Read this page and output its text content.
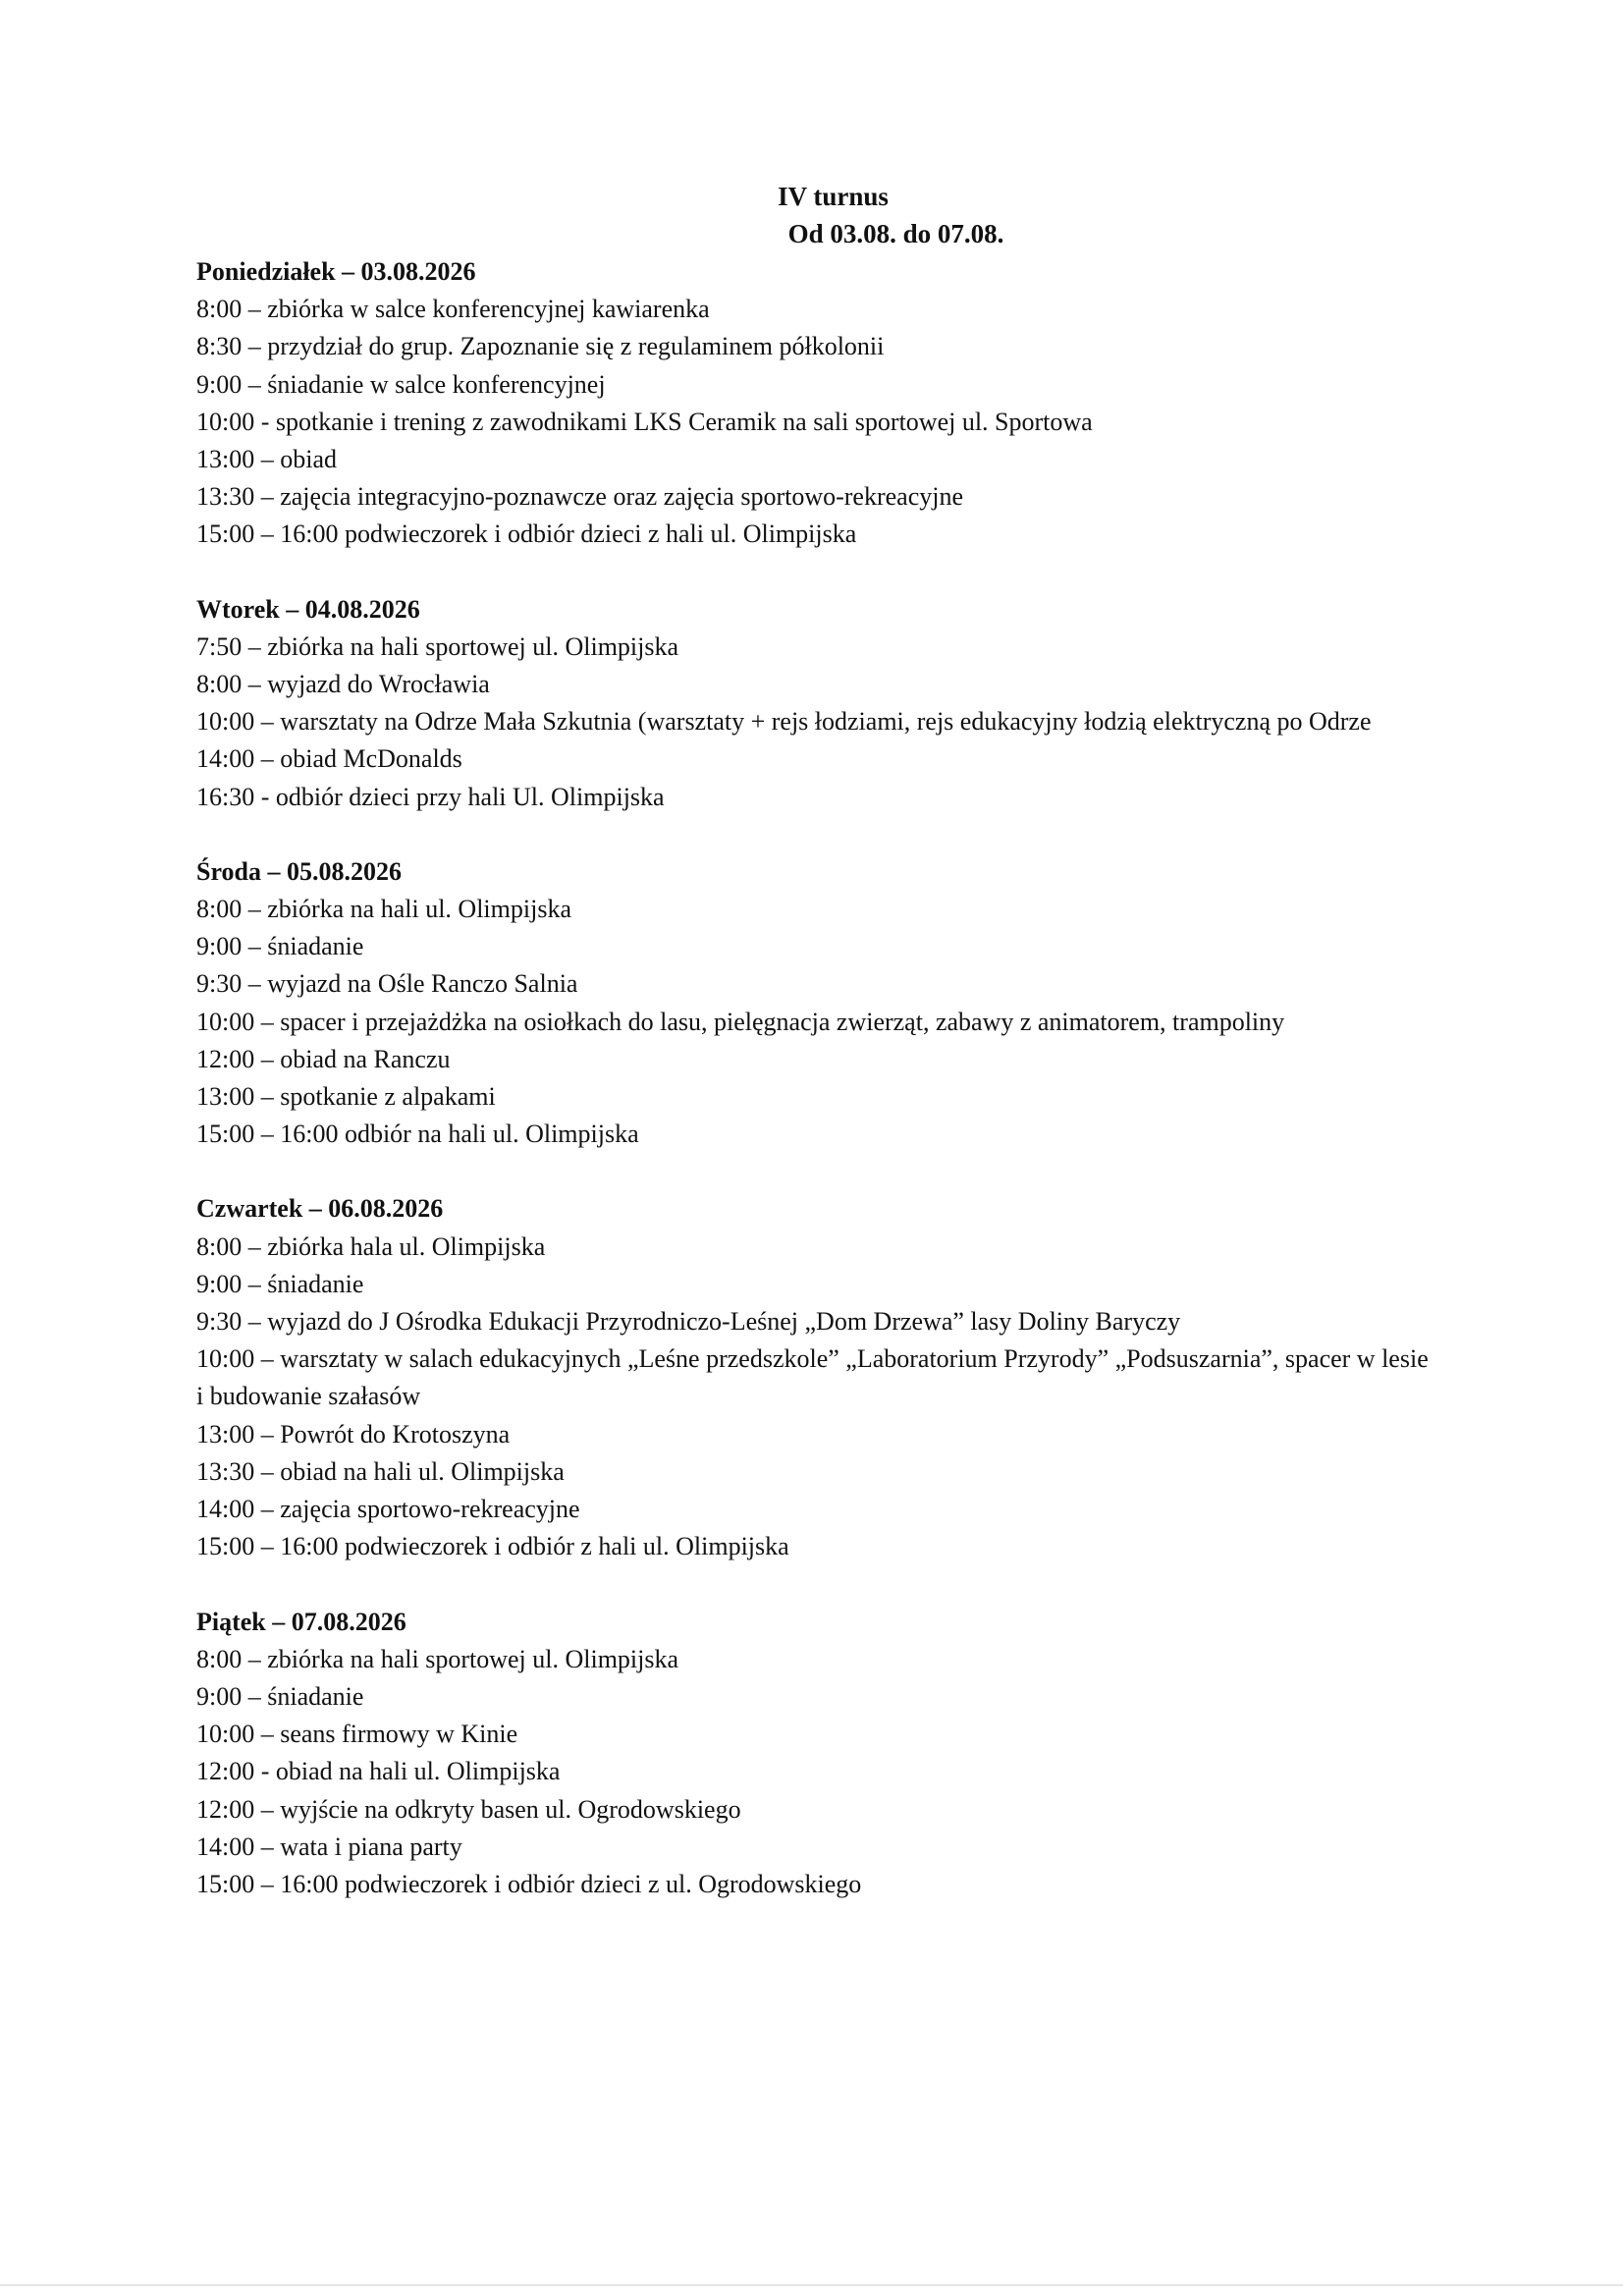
IV turnus
Od 03.08. do 07.08.
Poniedziałek – 03.08.2026
8:00 – zbiórka w salce konferencyjnej kawiarenka
8:30 – przydział do grup. Zapoznanie się z regulaminem półkolonii
9:00 – śniadanie w salce konferencyjnej
10:00 - spotkanie i trening z zawodnikami LKS Ceramik na sali sportowej ul. Sportowa
13:00 – obiad
13:30 – zajęcia integracyjno-poznawcze oraz zajęcia sportowo-rekreacyjne
15:00 – 16:00 podwieczorek i odbiór dzieci z hali ul. Olimpijska
Wtorek – 04.08.2026
7:50 – zbiórka na hali sportowej ul. Olimpijska
8:00 – wyjazd do Wrocławia
10:00 – warsztaty na Odrze Mała Szkutnia (warsztaty + rejs łodziami, rejs edukacyjny łodzią elektryczną po Odrze
14:00 – obiad McDonalds
16:30 - odbiór dzieci przy hali Ul. Olimpijska
Środa – 05.08.2026
8:00 – zbiórka na hali ul. Olimpijska
9:00 – śniadanie
9:30 – wyjazd na Ośle Ranczo Salnia
10:00 – spacer i przejażdżka na osiołkach do lasu, pielęgnacja zwierząt, zabawy z animatorem, trampoliny
12:00 – obiad na Ranczu
13:00 – spotkanie z alpakami
15:00 – 16:00 odbiór na hali ul. Olimpijska
Czwartek – 06.08.2026
8:00 – zbiórka hala ul. Olimpijska
9:00 – śniadanie
9:30 – wyjazd do J Ośrodka Edukacji Przyrodniczo-Leśnej „Dom Drzewa” lasy Doliny Baryczy
10:00 – warsztaty w salach edukacyjnych „Leśne przedszkole” „Laboratorium Przyrody” „Podsuszarnia”, spacer w lesie i budowanie szałasów
13:00 – Powrót do Krotoszyna
13:30 – obiad na hali ul. Olimpijska
14:00 – zajęcia sportowo-rekreacyjne
15:00 – 16:00 podwieczorek i odbiór z hali ul. Olimpijska
Piątek – 07.08.2026
8:00 – zbiórka na hali sportowej ul. Olimpijska
9:00 – śniadanie
10:00 – seans firmowy w Kinie
12:00 - obiad na hali ul. Olimpijska
12:00 – wyjście na odkryty basen ul. Ogrodowskiego
14:00 – wata i piana party
15:00 – 16:00 podwieczorek i odbiór dzieci z ul. Ogrodowskiego
